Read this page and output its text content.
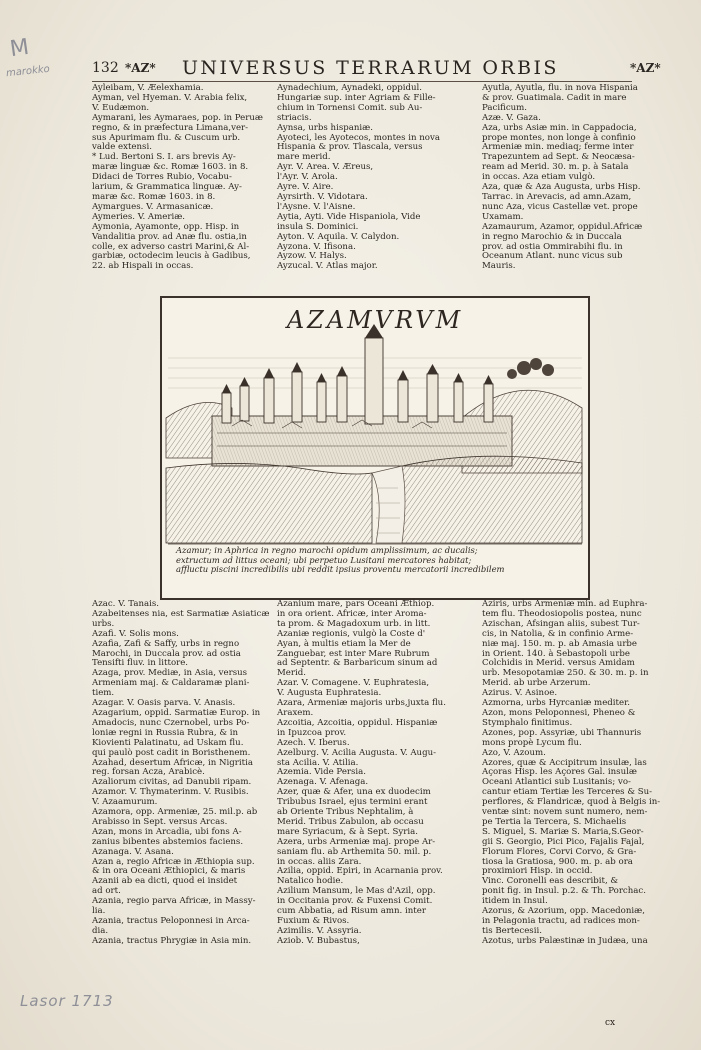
M
marokko
Lasor 1713
132 *AZ* UNIVERSUS TERRARUM ORBIS	*AZ*
Ayleibam, V. Æelexhamia.
Ayman, vel Hyeman. V. Arabia felix,
V. Eudæmon.
Aymarani, les Aymaraes, pop. in Peruæ
regno, & in præfectura Limana,ver-
sus Apurimam flu. & Cuscum urb.
valde extensi.
* Lud. Bertoni S. I. ars brevis Ay-
maræ linguæ &c. Romæ 1603. in 8.
Didaci de Torres Rubio, Vocabu-
larium, & Grammatica linguæ. Ay-
maræ &c. Romæ 1603. in 8.
Aymargues. V. Armasanicæ.
Aymeries. V. Ameriæ.
Aymonia, Ayamonte, opp. Hisp. in
Vandalitia prov. ad Anæ flu. ostia,in
colle, ex adverso castri Marini,& Al-
garbiæ, octodecim leucis à Gadibus,
22. ab Hispali in occas.
Aynadechium, Aynadeki, oppidul.
Hungariæ sup. inter Agriam & Fille-
chium in Tornensi Comit. sub Au-
striacis.
Aynsa, urbs hispaniæ.
Ayoteci, les Ayotecos, montes in nova
Hispania & prov. Tlascala, versus
mare merid.
Ayr. V. Area. V. Æreus,
l'Ayr. V. Arola.
Ayre. V. Aire.
Ayrsirth. V. Vidotara.
l'Aysne. V. l'Aisne.
Aytia, Ayti. Vide Hispaniola, Vide
insula S. Dominici.
Ayton. V. Aquila. V. Calydon.
Ayzona. V. Ifisona.
Ayzow. V. Halys.
Ayzucal. V. Atlas major.
Ayutla, Ayutla, flu. in nova Hispania
& prov. Guatimala. Cadit in mare
Pacificum.
Azæ. V. Gaza.
Aza, urbs Asiæ min. in Cappadocia,
prope montes, non longe à confinio
Armeniæ min. mediaq; ferme inter
Trapezuntem ad Sept. & Neocæsa-
ream ad Merid. 30. m. p. à Satala
in occas. Aza etiam vulgò.
Aza, quæ & Aza Augusta, urbs Hisp.
Tarrac. in Arevacis, ad amn.Azam,
nunc Aza, vicus Castellæ vet. prope
Uxamam.
Azamaurum, Azamor, oppidul.Africæ
in regno Marochio & in Duccala
prov. ad ostia Ommirabihi flu. in
Oceanum Atlant. nunc vicus sub
Mauris.
AZAMVRVM
Azamur; in Aphrica in regno marochi opidum amplissimum, ac ducalis;
extructum ad littus oceani; ubi perpetuo Lusitani mercatores habitat;
affluctu piscini incredibilis ubi reddit ipsius proventu mercatorii incredibilem
Azac. V. Tanais.
Azabeitenses nia, est Sarmatiæ Asiaticæ
urbs.
Azafi. V. Solis mons.
Azafia, Zafi & Saffy, urbs in regno
Marochi, in Duccala prov. ad ostia
Tensifti fluv. in littore.
Azaga, prov. Mediæ, in Asia, versus
Armeniam maj. & Caldaramæ plani-
tiem.
Azagar. V. Oasis parva. V. Anasis.
Azagarium, oppid. Sarmatiæ Europ. in
Amadocis, nunc Czernobel, urbs Po-
loniæ regni in Russia Rubra, & in
Kiovienti Palatinatu, ad Uskam flu.
qui paulò post cadit in Boristhenem.
Azahad, desertum Africæ, in Nigritia
reg. forsan Acza, Arabicè.
Azaliorum civitas, ad Danubii ripam.
Azamor. V. Thymaterinm. V. Rusibis.
V. Azaamurum.
Azamora, opp. Armeniæ, 25. mil.p. ab
Arabisso in Sept. versus Arcas.
Azan, mons in Arcadia, ubi fons A-
zanius bibentes abstemios faciens.
Azanaga. V. Asana.
Azan a, regio Africæ in Æthiopia sup.
& in ora Oceani Æthiopici, & maris
Azanii ab ea dicti, quod ei insidet
ad ort.
Azania, regio parva Africæ, in Massy-
lia.
Azania, tractus Peloponnesi in Arca-
dia.
Azania, tractus Phrygiæ in Asia min.
Azanium mare, pars Oceani Æthiop.
in ora orient. Africæ, inter Aroma-
ta prom. & Magadoxum urb. in litt.
Azaniæ regionis, vulgò la Coste d'
Ayan, à multis etiam la Mer de
Zanguebar, est inter Mare Rubrum
ad Septentr. & Barbaricum sinum ad
Merid.
Azar. V. Comagene. V. Euphratesia,
V. Augusta Euphratesia.
Azara, Armeniæ majoris urbs,juxta flu.
Araxem.
Azcoitia, Azcoitia, oppidul. Hispaniæ
in Ipuzcoa prov.
Azech. V. Iberus.
Azelburg. V. Acilia Augusta. V. Augu-
sta Acilia. V. Atilia.
Azemia. Vide Persia.
Azenaga. V. Afenaga.
Azer, quæ & Afer, una ex duodecim
Tribubus Israel, ejus termini erant
ab Oriente Tribus Nephtalim, à
Merid. Tribus Zabulon, ab occasu
mare Syriacum, & à Sept. Syria.
Azera, urbs Armeniæ maj. prope Ar-
saniam flu. ab Arthemita 50. mil. p.
in occas. aliis Zara.
Azilia, oppid. Epiri, in Acarnania prov.
Natalico hodie.
Azilium Mansum, le Mas d'Azil, opp.
in Occitania prov. & Fuxensi Comit.
cum Abbatia, ad Risum amn. inter
Fuxium & Rivos.
Azimilis. V. Assyria.
Aziob. V. Bubastus,
Aziris, urbs Armeniæ min. ad Euphra-
tem flu. Theodosiopolis postea, nunc
Azischan, Afsingan aliis, subest Tur-
cis, in Natolia, & in confinio Arme-
niæ maj. 150. m. p. ab Amasia urbe
in Orient. 140. à Sebastopoli urbe
Colchidis in Merid. versus Amidam
urb. Mesopotamiæ 250. & 30. m. p. in
Merid. ab urbe Arzerum.
Azirus. V. Asinoe.
Azmorna, urbs Hyrcaniæ mediter.
Azon, mons Peloponnesi, Pheneo &
Stymphalo finitimus.
Azones, pop. Assyriæ, ubi Thannuris
mons propè Lycum flu.
Azo, V. Azoum.
Azores, quæ & Accipitrum insulæ, las
Açoras Hisp. les Açores Gal. insulæ
Oceani Atlantici sub Lusitanis; vo-
cantur etiam Tertiæ les Terceres & Su-
perflores, & Flandricæ, quod à Belgis in-
ventæ sint: novem sunt numero, nem-
pe Tertia la Tercera, S. Michaelis
S. Miguel, S. Mariæ S. Maria,S.Geor-
gii S. Georgio, Pici Pico, Fajalis Fajal,
Florum Flores, Corvi Corvo, & Gra-
tiosa la Gratiosa, 900. m. p. ab ora
proximiori Hisp. in occid.
Vinc. Coronelli eas describit, &
ponit fig. in Insul. p.2. & Th. Porchac.
itidem in Insul.
Azorus, & Azorium, opp. Macedoniæ,
in Pelagonia tractu, ad radices mon-
tis Bertecesii.
Azotus, urbs Palæstinæ in Judæa, una
cx
